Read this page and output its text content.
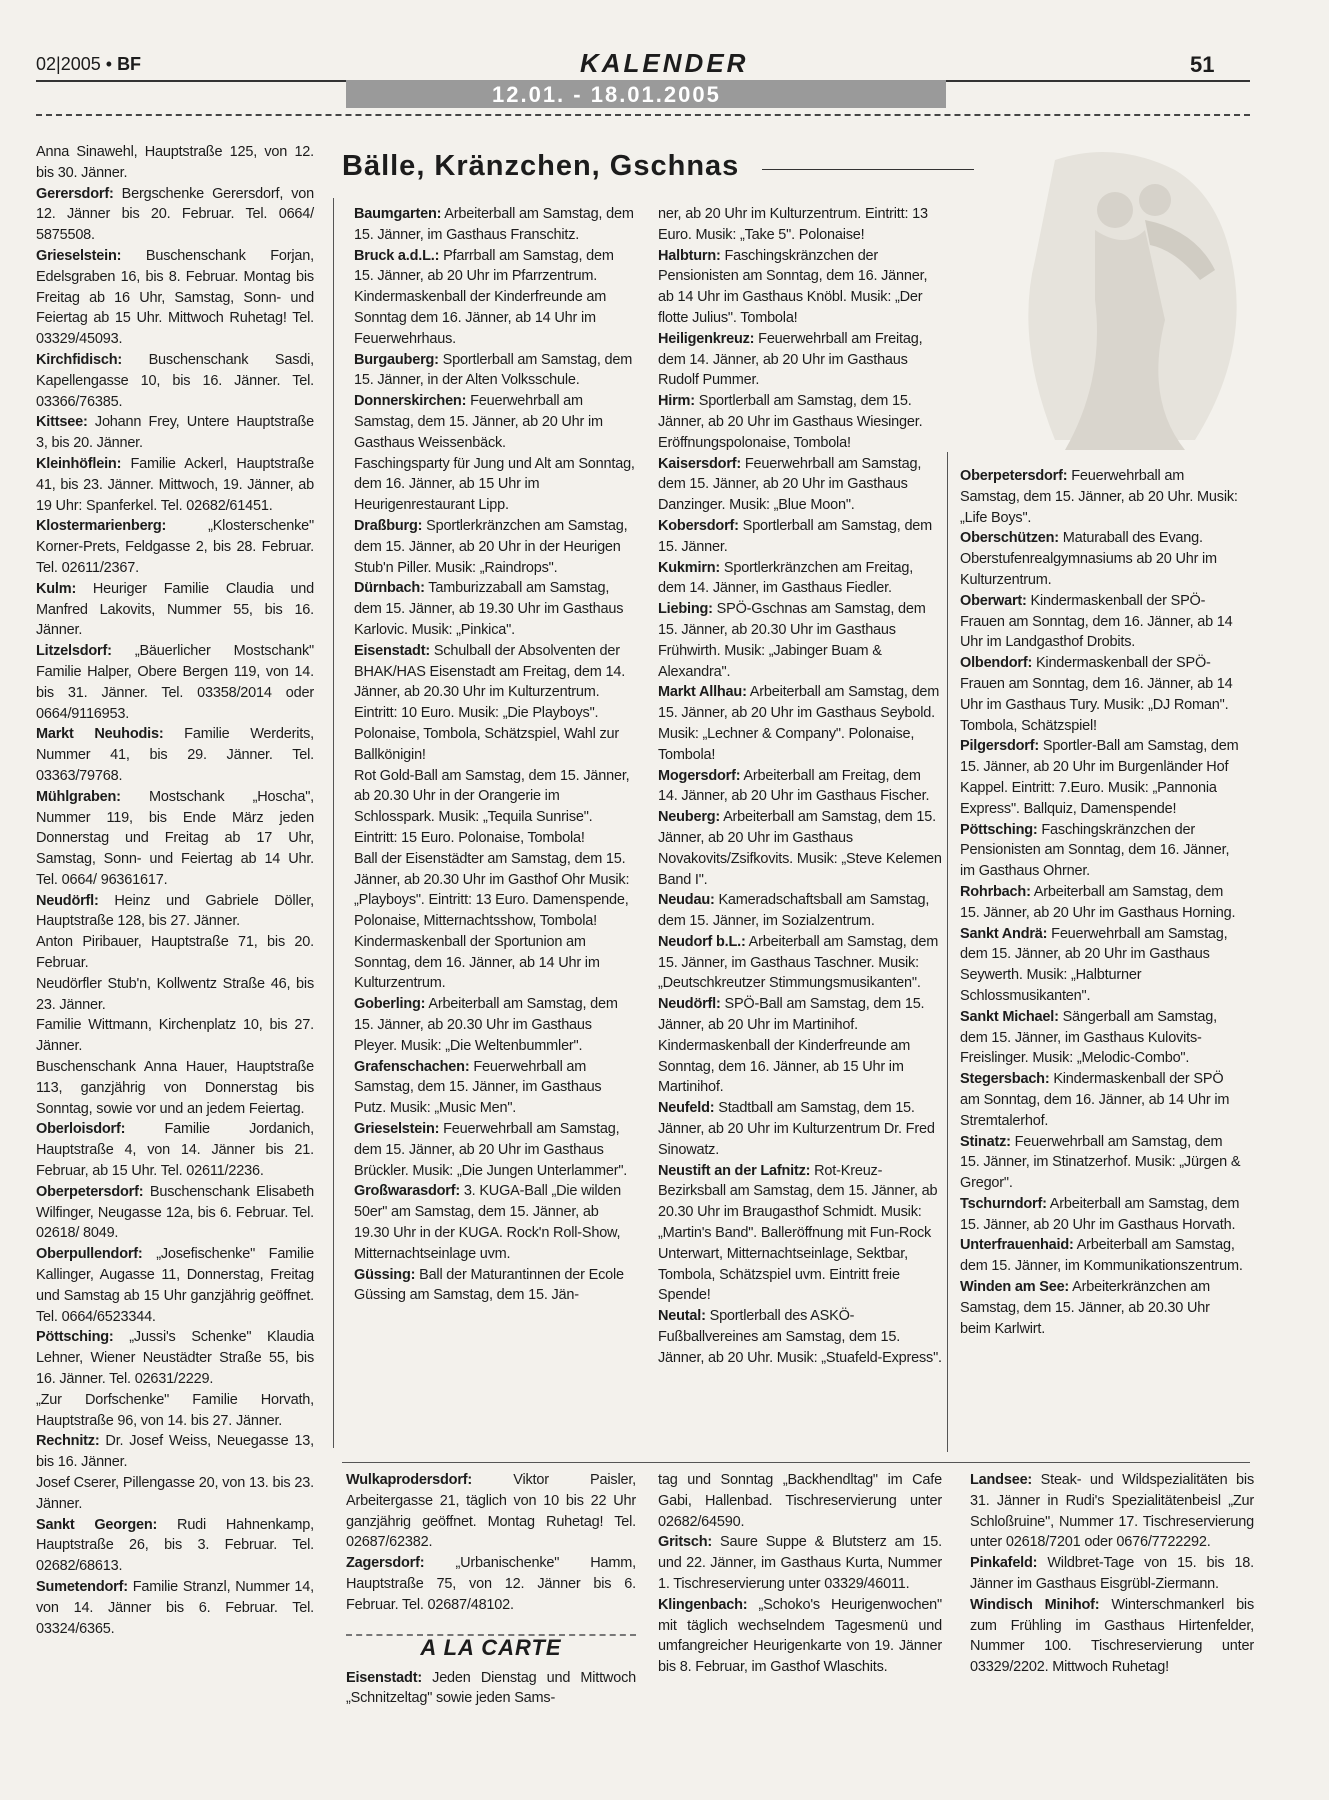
02|2005 • BF	KALENDER	51
12.01. - 18.01.2005
Bälle, Kränzchen, Gschnas

Anna Sinawehl, Hauptstraße 125, von 12. bis 30. Jänner.

Gerersdorf: Bergschenke Gerersdorf, von 12. Jänner bis 20. Februar. Tel. 0664/ 5875508.

Grieselstein: Buschenschank Forjan, Edelsgraben 16, bis 8. Februar. Montag bis Freitag ab 16 Uhr, Samstag, Sonn- und Feiertag ab 15 Uhr. Mittwoch Ruhetag! Tel. 03329/45093.

Kirchfidisch: Buschenschank Sasdi, Kapellengasse 10, bis 16. Jänner. Tel. 03366/76385.

Kittsee: Johann Frey, Untere Hauptstraße 3, bis 20. Jänner.

Kleinhöflein: Familie Ackerl, Hauptstraße 41, bis 23. Jänner. Mittwoch, 19. Jänner, ab 19 Uhr: Spanferkel. Tel. 02682/61451.

Klostermarienberg:	„Klosterschenke" Korner-Prets, Feldgasse 2, bis 28. Februar. Tel. 02611/2367.

Kulm: Heuriger Familie Claudia und Manfred Lakovits, Nummer 55, bis 16. Jänner.

Litzelsdorf: „Bäuerlicher Mostschank" Familie Halper, Obere Bergen 119, von 14. bis 31. Jänner. Tel. 03358/2014 oder 0664/9116953.

Markt Neuhodis: Familie Werderits, Nummer 41, bis 29. Jänner. Tel. 03363/79768.

Mühlgraben: Mostschank „Hoscha", Nummer 119, bis Ende März jeden Donnerstag und Freitag ab 17 Uhr, Samstag, Sonn- und Feiertag ab 14 Uhr. Tel. 0664/ 96361617.

Neudörfl: Heinz und Gabriele Döller, Hauptstraße 128, bis 27. Jänner.

Anton Piribauer, Hauptstraße 71, bis 20. Februar.

Neudörfler Stub'n, Kollwentz Straße 46, bis 23. Jänner.

Familie Wittmann, Kirchenplatz 10, bis 27. Jänner.

Buschenschank Anna Hauer, Hauptstraße 113, ganzjährig von Donnerstag bis Sonntag, sowie vor und an jedem Feiertag.

Oberloisdorf:	Familie Jordanich, Hauptstraße 4, von 14. Jänner bis 21. Februar, ab 15 Uhr. Tel. 02611/2236.

Oberpetersdorf: Buschenschank Elisabeth Wilfinger, Neugasse 12a, bis 6. Februar. Tel. 02618/ 8049.

Oberpullendorf: „Josefischenke" Familie Kallinger, Augasse 11, Donnerstag, Freitag und Samstag ab 15 Uhr ganzjährig geöffnet. Tel. 0664/6523344.

Pöttsching: „Jussi's Schenke" Klaudia Lehner, Wiener Neustädter Straße 55, bis 16. Jänner. Tel. 02631/2229.

„Zur Dorfschenke" Familie Horvath, Hauptstraße 96, von 14. bis 27. Jänner.

Rechnitz: Dr. Josef Weiss, Neuegasse 13, bis 16. Jänner.

Josef Cserer, Pillengasse 20, von 13. bis 23. Jänner.

Sankt Georgen: Rudi Hahnenkamp, Hauptstraße 26, bis 3. Februar. Tel. 02682/68613.

Sumetendorf: Familie Stranzl, Nummer 14, von 14. Jänner bis 6. Februar. Tel. 03324/6365.

Baumgarten: Arbeiterball am Samstag, dem 15. Jänner, im Gasthaus Franschitz.

Bruck a.d.L.: Pfarrball am Samstag, dem 15. Jänner, ab 20 Uhr im Pfarrzentrum.

Kindermaskenball der Kinderfreunde am Sonntag dem 16. Jänner, ab 14 Uhr im Feuerwehrhaus.

Burgauberg: Sportlerball am Samstag, dem 15. Jänner, in der Alten Volksschule.

Donnerskirchen: Feuerwehrball am Samstag, dem 15. Jänner, ab 20 Uhr im Gasthaus Weissenbäck.

Faschingsparty für Jung und Alt am Sonntag, dem 16. Jänner, ab 15 Uhr im Heurigenrestaurant Lipp.

Draßburg: Sportlerkränzchen am Samstag, dem 15. Jänner, ab 20 Uhr in der Heurigen Stub'n Piller. Musik: „Raindrops".

Dürnbach: Tamburizzaball am Samstag, dem 15. Jänner, ab 19.30 Uhr im Gasthaus Karlovic. Musik: „Pinkica".

Eisenstadt: Schulball der Absolventen der BHAK/HAS Eisenstadt am Freitag, dem 14. Jänner, ab 20.30 Uhr im Kulturzentrum. Eintritt: 10 Euro. Musik: „Die Playboys". Polonaise, Tombola, Schätzspiel, Wahl zur Ballkönigin!

Rot Gold-Ball am Samstag, dem 15. Jänner, ab 20.30 Uhr in der Orangerie im Schlosspark. Musik: „Tequila Sunrise". Eintritt: 15 Euro. Polonaise, Tombola!

Ball der Eisenstädter am Samstag, dem 15. Jänner, ab 20.30 Uhr im Gasthof Ohr Musik: „Playboys". Eintritt: 13 Euro. Damenspende, Polonaise, Mitternachtsshow, Tombola!

Kindermaskenball der Sportunion am Sonntag, dem 16. Jänner, ab 14 Uhr im Kulturzentrum.

Goberling: Arbeiterball am Samstag, dem 15. Jänner, ab 20.30 Uhr im Gasthaus Pleyer. Musik: „Die Weltenbummler".

Grafenschachen: Feuerwehrball am Samstag, dem 15. Jänner, im Gasthaus Putz. Musik: „Music Men".

Grieselstein: Feuerwehrball am Samstag, dem 15. Jänner, ab 20 Uhr im Gasthaus Brückler. Musik: „Die Jungen Unterlammer".

Großwarasdorf: 3. KUGA-Ball „Die wilden 50er" am Samstag, dem 15. Jänner, ab 19.30 Uhr in der KUGA. Rock'n Roll-Show, Mitternachtseinlage uvm.

Güssing: Ball der Maturantinnen der Ecole Güssing am Samstag, dem 15. Jän-

ner, ab 20 Uhr im Kulturzentrum. Eintritt: 13 Euro. Musik: „Take 5". Polonaise!

Halbturn: Faschingskränzchen der Pensionisten am Sonntag, dem 16. Jänner, ab 14 Uhr im Gasthaus Knöbl. Musik: „Der flotte Julius". Tombola!

Heiligenkreuz: Feuerwehrball am Freitag, dem 14. Jänner, ab 20 Uhr im Gasthaus Rudolf Pummer.

Hirm: Sportlerball am Samstag, dem 15. Jänner, ab 20 Uhr im Gasthaus Wiesinger. Eröffnungspolonaise, Tombola!

Kaisersdorf: Feuerwehrball am Samstag, dem 15. Jänner, ab 20 Uhr im Gasthaus Danzinger. Musik: „Blue Moon".

Kobersdorf: Sportlerball am Samstag, dem 15. Jänner.

Kukmirn: Sportlerkränzchen am Freitag, dem 14. Jänner, im Gasthaus Fiedler.

Liebing: SPÖ-Gschnas am Samstag, dem 15. Jänner, ab 20.30 Uhr im Gasthaus Frühwirth. Musik: „Jabinger Buam & Alexandra".

Markt Allhau: Arbeiterball am Samstag, dem 15. Jänner, ab 20 Uhr im Gasthaus Seybold. Musik: „Lechner & Company". Polonaise, Tombola!

Mogersdorf: Arbeiterball am Freitag, dem 14. Jänner, ab 20 Uhr im Gasthaus Fischer.

Neuberg: Arbeiterball am Samstag, dem 15. Jänner, ab 20 Uhr im Gasthaus Novakovits/Zsifkovits. Musik: „Steve Kelemen Band I".

Neudau: Kameradschaftsball am Samstag, dem 15. Jänner, im Sozialzentrum.

Neudorf b.L.: Arbeiterball am Samstag, dem 15. Jänner, im Gasthaus Taschner. Musik: „Deutschkreutzer Stimmungsmusikanten".

Neudörfl: SPÖ-Ball am Samstag, dem 15. Jänner, ab 20 Uhr im Martinihof.

Kindermaskenball der Kinderfreunde am Sonntag, dem 16. Jänner, ab 15 Uhr im Martinihof.

Neufeld: Stadtball am Samstag, dem 15. Jänner, ab 20 Uhr im Kulturzentrum Dr. Fred Sinowatz.

Neustift an der Lafnitz: Rot-Kreuz-Bezirksball am Samstag, dem 15. Jänner, ab 20.30 Uhr im Braugasthof Schmidt. Musik: „Martin's Band". Balleröffnung mit Fun-Rock Unterwart, Mitternachtseinlage, Sektbar, Tombola, Schätzspiel uvm. Eintritt freie Spende!

Neutal: Sportlerball des ASKÖ-Fußballvereines am Samstag, dem 15. Jänner, ab 20 Uhr. Musik: „Stuafeld-Express".

Oberpetersdorf: Feuerwehrball am Samstag, dem 15. Jänner, ab 20 Uhr. Musik: „Life Boys".

Oberschützen: Maturaball des Evang. Oberstufenrealgymnasiums ab 20 Uhr im Kulturzentrum.

Oberwart: Kindermaskenball der SPÖ-Frauen am Sonntag, dem 16. Jänner, ab 14 Uhr im Landgasthof Drobits.

Olbendorf: Kindermaskenball der SPÖ-Frauen am Sonntag, dem 16. Jänner, ab 14 Uhr im Gasthaus Tury. Musik: „DJ Roman". Tombola, Schätzspiel!

Pilgersdorf: Sportler-Ball am Samstag, dem 15. Jänner, ab 20 Uhr im Burgenländer Hof Kappel. Eintritt: 7.Euro. Musik: „Pannonia Express". Ballquiz, Damenspende!

Pöttsching: Faschingskränzchen der Pensionisten am Sonntag, dem 16. Jänner, im Gasthaus Ohrner.

Rohrbach: Arbeiterball am Samstag, dem 15. Jänner, ab 20 Uhr im Gasthaus Horning.

Sankt Andrä: Feuerwehrball am Samstag, dem 15. Jänner, ab 20 Uhr im Gasthaus Seywerth. Musik: „Halbturner Schlossmusikanten".

Sankt Michael: Sängerball am Samstag, dem 15. Jänner, im Gasthaus Kulovits-Freislinger. Musik: „Melodic-Combo".

Stegersbach: Kindermaskenball der SPÖ am Sonntag, dem 16. Jänner, ab 14 Uhr im Stremtalerhof.

Stinatz: Feuerwehrball am Samstag, dem 15. Jänner, im Stinatzerhof. Musik: „Jürgen & Gregor".

Tschurndorf: Arbeiterball am Samstag, dem 15. Jänner, ab 20 Uhr im Gasthaus Horvath.

Unterfrauenhaid: Arbeiterball am Samstag, dem 15. Jänner, im Kommunikationszentrum.

Winden am See: Arbeiterkränzchen am Samstag, dem 15. Jänner, ab 20.30 Uhr beim Karlwirt.

Wulkaprodersdorf:	Viktor Paisler, Arbeitergasse 21, täglich von 10 bis 22 Uhr ganzjährig geöffnet. Montag Ruhetag! Tel. 02687/62382.

Zagersdorf: „Urbanischenke" Hamm, Hauptstraße 75, von 12. Jänner bis 6. Februar. Tel. 02687/48102.

A LA CARTE

Eisenstadt: Jeden Dienstag und Mittwoch „Schnitzeltag" sowie jeden Sams-

tag und Sonntag „Backhendltag" im Cafe Gabi, Hallenbad. Tischreservierung unter 02682/64590.

Gritsch: Saure Suppe & Blutsterz am 15. und 22. Jänner, im Gasthaus Kurta, Nummer 1. Tischreservierung unter 03329/46011.

Klingenbach: „Schoko's Heurigenwochen" mit täglich wechselndem Tagesmenü und umfangreicher Heurigenkarte von 19. Jänner bis 8. Februar, im Gasthof Wlaschits.

Landsee: Steak- und Wildspezialitäten bis 31. Jänner in Rudi's Spezialitätenbeisl „Zur Schloßruine", Nummer 17. Tischreservierung unter 02618/7201 oder 0676/7722292.

Pinkafeld: Wildbret-Tage von 15. bis 18. Jänner im Gasthaus Eisgrübl-Ziermann.

Windisch Minihof: Winterschmankerl bis zum Frühling im Gasthaus Hirtenfelder, Nummer 100. Tischreservierung unter 03329/2202. Mittwoch Ruhetag!
